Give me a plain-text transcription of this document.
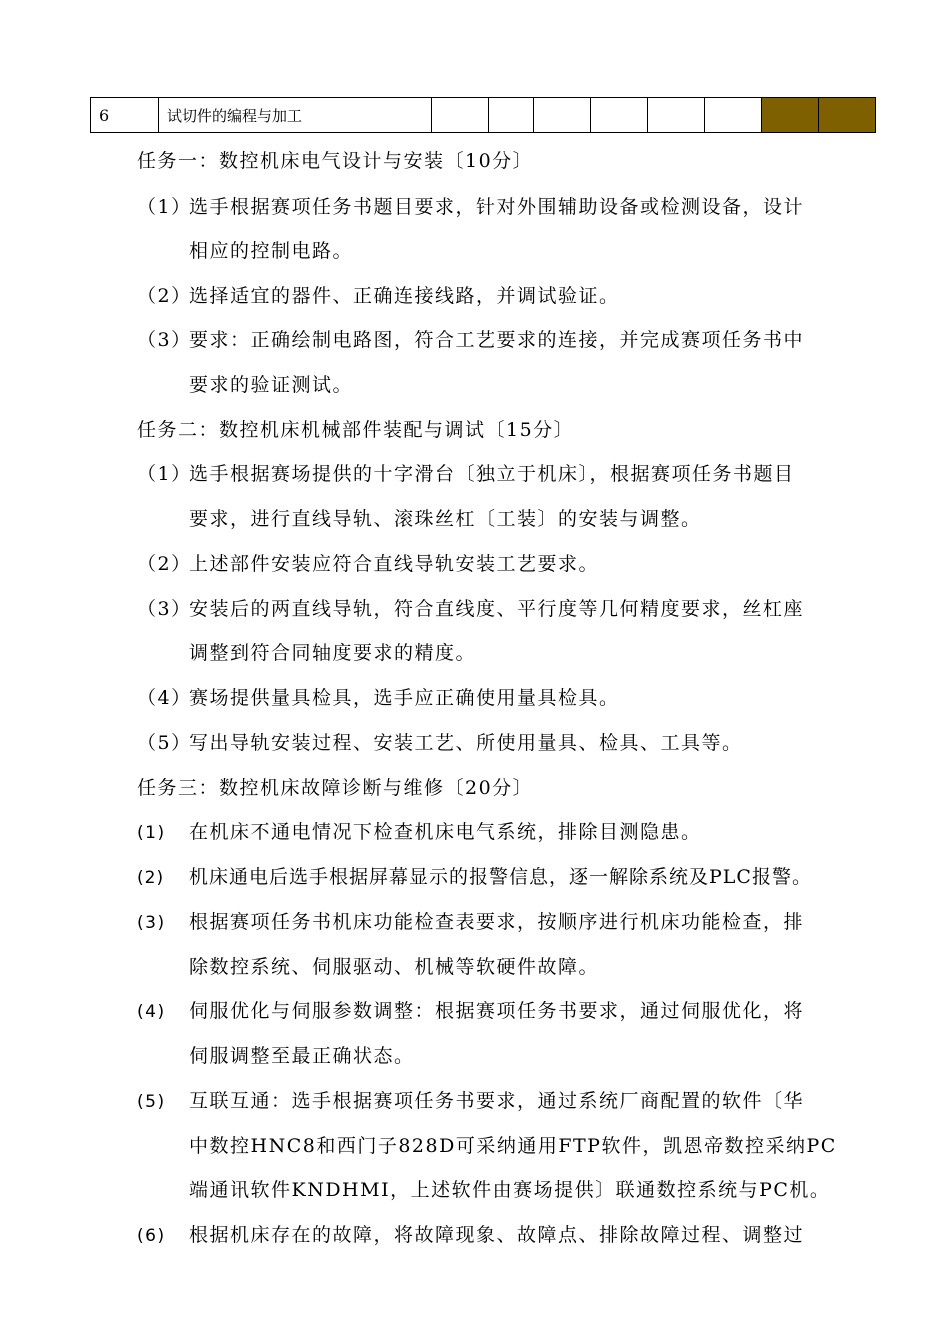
6	试切件的编程与加工								
任务一：数控机床电气设计与安装〔10分〕
（1）选手根据赛项任务书题目要求，针对外围辅助设备或检测设备，设计
相应的控制电路。
（2）选择适宜的器件、正确连接线路，并调试验证。
（3）要求：正确绘制电路图，符合工艺要求的连接，并完成赛项任务书中
要求的验证测试。
任务二：数控机床机械部件装配与调试〔15分〕
（1）选手根据赛场提供的十字滑台〔独立于机床〕，根据赛项任务书题目
要求，进行直线导轨、滚珠丝杠〔工装〕的安装与调整。
（2）上述部件安装应符合直线导轨安装工艺要求。
（3）安装后的两直线导轨，符合直线度、平行度等几何精度要求，丝杠座
调整到符合同轴度要求的精度。
（4）赛场提供量具检具，选手应正确使用量具检具。
（5）写出导轨安装过程、安装工艺、所使用量具、检具、工具等。
任务三：数控机床故障诊断与维修〔20分〕
(1) 在机床不通电情况下检查机床电气系统，排除目测隐患。
(2) 机床通电后选手根据屏幕显示的报警信息，逐一解除系统及PLC报警。
(3) 根据赛项任务书机床功能检查表要求，按顺序进行机床功能检查，排
除数控系统、伺服驱动、机械等软硬件故障。
(4) 伺服优化与伺服参数调整：根据赛项任务书要求，通过伺服优化，将
伺服调整至最正确状态。
(5) 互联互通：选手根据赛项任务书要求，通过系统厂商配置的软件〔华
中数控HNC8和西门子828D可采纳通用FTP软件，凯恩帝数控采纳PC
端通讯软件KNDHMI，上述软件由赛场提供〕联通数控系统与PC机。
(6) 根据机床存在的故障，将故障现象、故障点、排除故障过程、调整过
